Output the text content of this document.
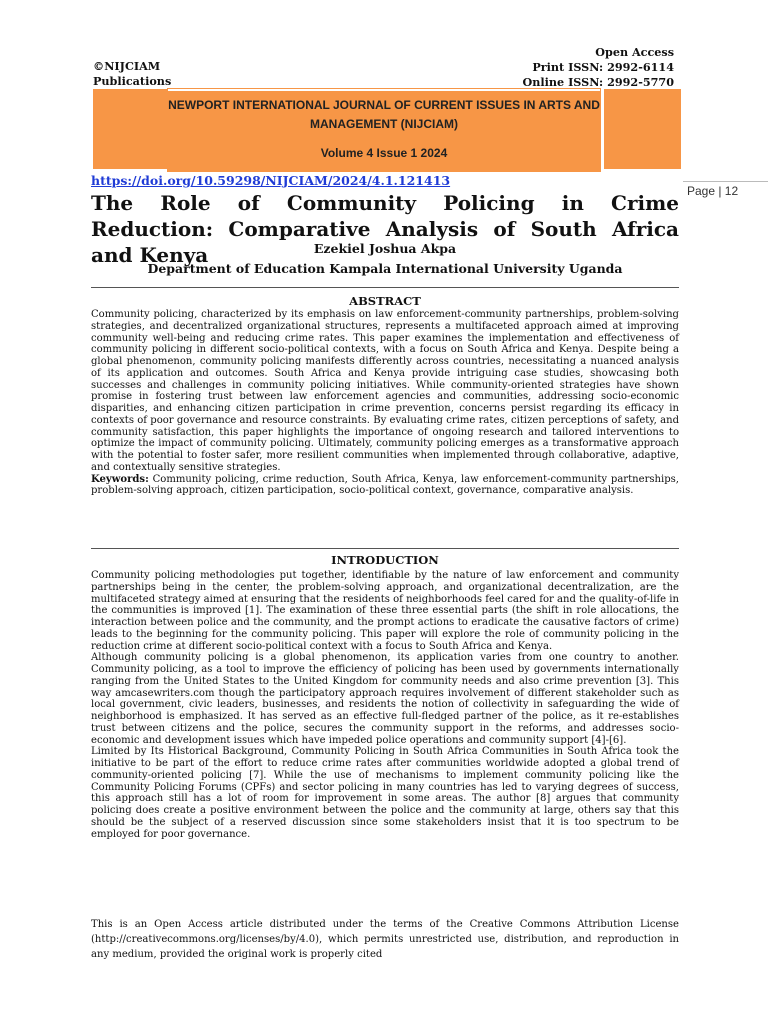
©NIJCIAM
Publications
Open Access
Print ISSN: 2992-6114
Online ISSN: 2992-5770
NEWPORT INTERNATIONAL JOURNAL OF CURRENT ISSUES IN ARTS AND
MANAGEMENT (NIJCIAM)
Volume 4 Issue 1 2024
https://doi.org/10.59298/NIJCIAM/2024/4.1.121413
Page | 12
The Role of Community Policing in Crime Reduction: Comparative Analysis of South Africa and Kenya	Ezekiel Joshua Akpa
Department of Education Kampala International University Uganda
ABSTRACT

Community policing, characterized by its emphasis on law enforcement-community partnerships, problem-solving strategies, and decentralized organizational structures, represents a multifaceted approach aimed at improving community well-being and reducing crime rates. This paper examines the implementation and effectiveness of community policing in different socio-political contexts, with a focus on South Africa and Kenya. Despite being a global phenomenon, community policing manifests differently across countries, necessitating a nuanced analysis of its application and outcomes. South Africa and Kenya provide intriguing case studies, showcasing both successes and challenges in community policing initiatives. While community-oriented strategies have shown promise in fostering trust between law enforcement agencies and communities, addressing socio-economic disparities, and enhancing citizen participation in crime prevention, concerns persist regarding its efficacy in contexts of poor governance and resource constraints. By evaluating crime rates, citizen perceptions of safety, and community satisfaction, this paper highlights the importance of ongoing research and tailored interventions to optimize the impact of community policing. Ultimately, community policing emerges as a transformative approach with the potential to foster safer, more resilient communities when implemented through collaborative, adaptive, and contextually sensitive strategies.

Keywords: Community policing, crime reduction, South Africa, Kenya, law enforcement-community partnerships, problem-solving approach, citizen participation, socio-political context, governance, comparative analysis.

INTRODUCTION

Community policing methodologies put together, identifiable by the nature of law enforcement and community partnerships being in the center, the problem-solving approach, and organizational decentralization, are the multifaceted strategy aimed at ensuring that the residents of neighborhoods feel cared for and the quality-of-life in the communities is improved [1]. The examination of these three essential parts (the shift in role allocations, the interaction between police and the community, and the prompt actions to eradicate the causative factors of crime) leads to the beginning for the community policing. This paper will explore the role of community policing in the reduction crime at different socio-political context with a focus to South Africa and Kenya.

Although community policing is a global phenomenon, its application varies from one country to another. Community policing, as a tool to improve the efficiency of policing has been used by governments internationally ranging from the United States to the United Kingdom for community needs and also crime prevention [3]. This way amcasewriters.com though the participatory approach requires involvement of different stakeholder such as local government, civic leaders, businesses, and residents the notion of collectivity in safeguarding the wide of neighborhood is emphasized. It has served as an effective full-fledged partner of the police, as it re-establishes trust between citizens and the police, secures the community support in the reforms, and addresses socio-economic and development issues which have impeded police operations and community support [4]-[6].

Limited by Its Historical Background, Community Policing in South Africa Communities in South Africa took the initiative to be part of the effort to reduce crime rates after communities worldwide adopted a global trend of community-oriented policing [7]. While the use of mechanisms to implement community policing like the Community Policing Forums (CPFs) and sector policing in many countries has led to varying degrees of success, this approach still has a lot of room for improvement in some areas. The author [8] argues that community policing does create a positive environment between the police and the community at large, others say that this should be the subject of a reserved discussion since some stakeholders insist that it is too spectrum to be employed for poor governance.

This is an Open Access article distributed under the terms of the Creative Commons Attribution License (http://creativecommons.org/licenses/by/4.0), which permits unrestricted use, distribution, and reproduction in any medium, provided the original work is properly cited
